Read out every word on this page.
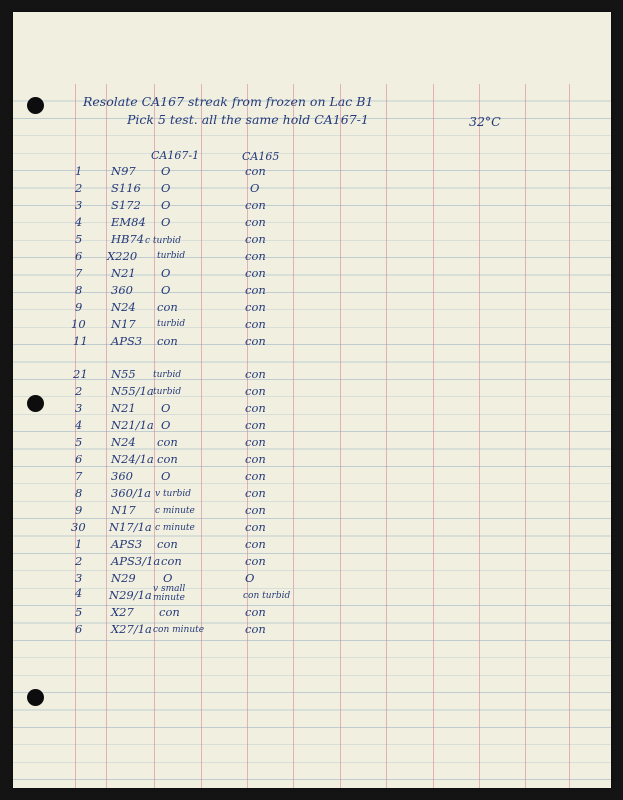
Resolate CA167 streak from frozen on Lac B1
Pick 5 test. all the same hold CA167-1	32°C
CA167-1	CA165
1 N97 O	con
2 S116 O	O
3 S172 O	con
4 EM84 O	con
5 HB74 c turbid	con
6 X220 turbid	con
7 N21 O	con
8 360 O	con
9 N24 con	con
10 N17 turbid	con
11 APS3 con	con
21 N55 turbid	con
2 N55/1a turbid	con
3 N21 O	con
4 N21/1a O	con
5 N24 con	con
6 N24/1a con	con
7 360 O	con
8 360/1a v turbid	con
9 N17 c minute	con
30 N17/1a c minute	con
1 APS3 con	con
2 APS3/1a con	con
3 N29 O	O
4 N29/1a v small minute	con turbid
5 X27 con	con
6 X27/1a con minute	con
